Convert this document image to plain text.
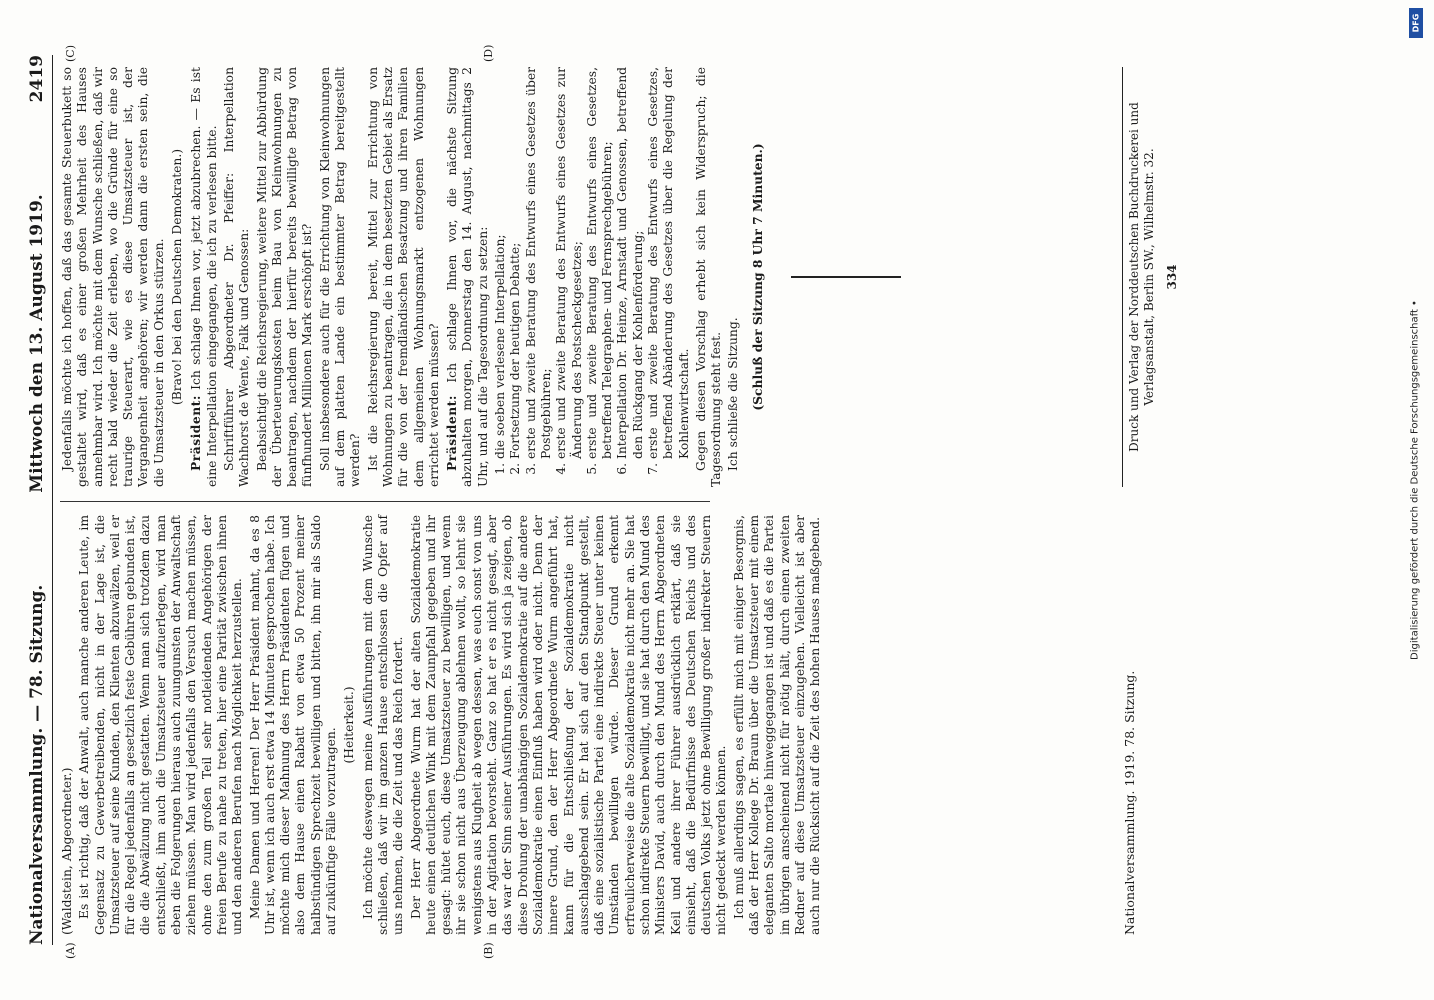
Nationalversammlung. — 78. Sitzung.
Mittwoch den 13. August 1919.
2419
(A)	(B)
(C)	(D)

(Waldstein, Abgeordneter.) Es ist richtig, daß der Anwalt, auch manche anderen Leute, im Gegensatz zu Gewerbetreibenden, nicht in der Lage ist, die Umsatzsteuer auf seine Kunden, den Klienten abzuwälzen, weil er für die Regel jedenfalls an gesetzlich feste Gebühren gebunden ist, die die Abwälzung nicht gestatten. Wenn man sich trotzdem dazu entschließt, ihm auch die Umsatzsteuer aufzuerlegen, wird man eben die Folgerungen hieraus auch zuungunsten der Anwaltschaft ziehen müssen. Man wird jedenfalls den Versuch machen müssen, ohne den zum großen Teil sehr notleidenden Angehörigen der freien Berufe zu nahe zu treten, hier eine Parität zwischen ihnen und den anderen Berufen nach Möglichkeit herzustellen. Meine Damen und Herren! Der Herr Präsident mahnt, da es 8 Uhr ist, wenn ich auch erst etwa 14 Minuten gesprochen habe. Ich möchte mich dieser Mahnung des Herrn Präsidenten fügen und also dem Hause einen Rabatt von etwa 50 Prozent meiner halbstündigen Sprechzeit bewilligen und bitten, ihn mir als Saldo auf zukünftige Fälle vorzutragen.

(Heiterkeit.) Ich möchte deswegen meine Ausführungen mit dem Wunsche schließen, daß wir im ganzen Hause entschlossen die Opfer auf uns nehmen, die die Zeit und das Reich fordert. Der Herr Abgeordnete Wurm hat der alten Sozialdemokratie heute einen deutlichen Wink mit dem Zaunpfahl gegeben und ihr gesagt: hütet euch, diese Umsatzsteuer zu bewilligen, und wenn ihr sie schon nicht aus Überzeugung ablehnen wollt, so lehnt sie wenigstens aus Klugheit ab wegen dessen, was euch sonst von uns in der Agitation bevorsteht. Ganz so hat er es nicht gesagt, aber das war der Sinn seiner Ausführungen. Es wird sich ja zeigen, ob diese Drohung der unabhängigen Sozialdemokratie auf die andere Sozialdemokratie einen Einfluß haben wird oder nicht. Denn der innere Grund, den der Herr Abgeordnete Wurm angeführt hat, kann für die Entschließung der Sozialdemokratie nicht ausschlaggebend sein. Er hat sich auf den Standpunkt gestellt, daß eine sozialistische Partei eine indirekte Steuer unter keinen Umständen bewilligen würde. Dieser Grund erkennt erfreulicherweise die alte Sozialdemokratie nicht mehr an. Sie hat schon indirekte Steuern bewilligt, und sie hat durch den Mund des Ministers David, auch durch den Mund des Herrn Abgeordneten Keil und andere ihrer Führer ausdrücklich erklärt, daß sie einsieht, daß die Bedürfnisse des Deutschen Reichs und des deutschen Volks jetzt ohne Bewilligung großer indirekter Steuern nicht gedeckt werden können. Ich muß allerdings sagen, es erfüllt mich mit einiger Besorgnis, daß der Herr Kollege Dr. Braun über die Umsatzsteuer mit einem eleganten Salto mortale hinweggegangen ist und daß es die Partei im übrigen anscheinend nicht für nötig hält, durch einen zweiten Redner auf diese Umsatzsteuer einzugehen. Vielleicht ist aber auch nur die Rücksicht auf die Zeit des hohen Hauses maßgebend.

Jedenfalls möchte ich hoffen, daß das gesamte Steuerbukett so gestaltet wird, daß es einer großen Mehrheit des Hauses annehmbar wird. Ich möchte mit dem Wunsche schließen, daß wir recht bald wieder die Zeit erleben, wo die Gründe für eine so traurige Steuerart, wie es diese Umsatzsteuer ist, der Vergangenheit angehören; wir werden dann die ersten sein, die die Umsatzsteuer in den Orkus stürzen. (Bravo! bei den Deutschen Demokraten.)

Präsident: Ich schlage Ihnen vor, jetzt abzubrechen. — Es ist eine Interpellation eingegangen, die ich zu verlesen bitte. Schriftführer Abgeordneter Dr. Pfeiffer: Interpellation Wachhorst de Wente, Falk und Genossen: Beabsichtigt die Reichsregierung, weitere Mittel zur Abbürdung der Überteuerungskosten beim Bau von Kleinwohnungen zu beantragen, nachdem der hierfür bereits bewilligte Betrag von fünfhundert Millionen Mark erschöpft ist? Soll insbesondere auch für die Errichtung von Kleinwohnungen auf dem platten Lande ein bestimmter Betrag bereitgestellt werden? Ist die Reichsregierung bereit, Mittel zur Errichtung von Wohnungen zu beantragen, die in dem besetzten Gebiet als Ersatz für die von der fremdländischen Besatzung und ihren Familien dem allgemeinen Wohnungsmarkt entzogenen Wohnungen errichtet werden müssen? Präsident: Ich schlage Ihnen vor, die nächste Sitzung abzuhalten morgen, Donnerstag den 14. August, nachmittags 2 Uhr, und auf die Tagesordnung zu setzen: 1. die soeben verlesene Interpellation; 2. Fortsetzung der heutigen Debatte; 3. erste und zweite Beratung des Entwurfs eines Gesetzes über Postgebühren; 4. erste und zweite Beratung des Entwurfs eines Gesetzes zur Änderung des Postscheckgesetzes; 5. erste und zweite Beratung des Entwurfs eines Gesetzes, betreffend Telegraphen- und Fernsprechgebühren; 6. Interpellation Dr. Heinze, Arnstadt und Genossen, betreffend den Rückgang der Kohlenförderung; 7. erste und zweite Beratung des Entwurfs eines Gesetzes, betreffend Abänderung des Gesetzes über die Regelung der Kohlenwirtschaft. Gegen diesen Vorschlag erhebt sich kein Widerspruch; die Tagesordnung steht fest. Ich schließe die Sitzung. (Schluß der Sitzung 8 Uhr 7 Minuten.)

Nationalversammlung. 1919. 78. Sitzung.
Druck und Verlag der Norddeutschen Buchdruckerei und Verlagsanstalt, Berlin SW., Wilhelmstr. 32. 334
DFG
Digitalisierung gefördert durch die Deutsche Forschungsgemeinschaft •
